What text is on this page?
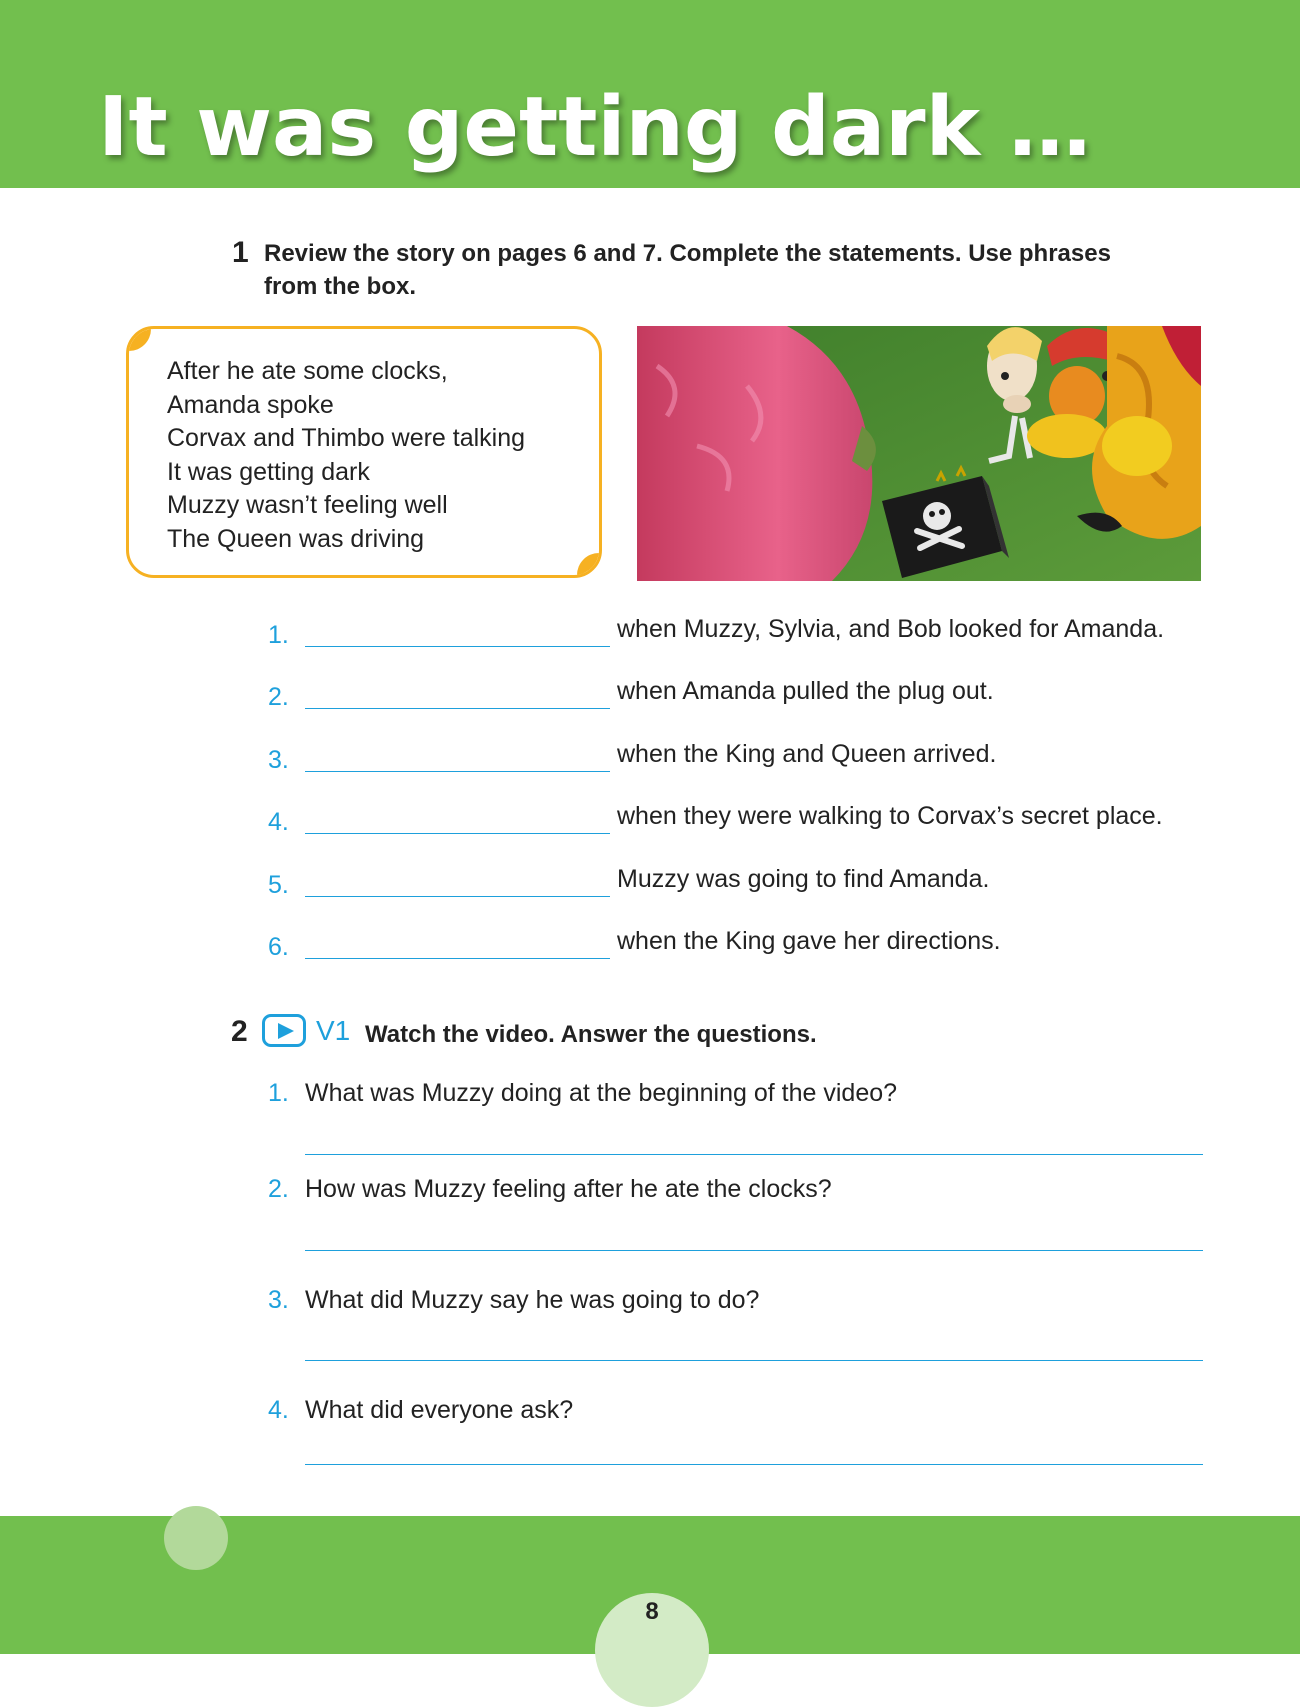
It was getting dark …
1 Review the story on pages 6 and 7. Complete the statements. Use phrases
from the box.
After he ate some clocks,
Amanda spoke
Corvax and Thimbo were talking
It was getting dark
Muzzy wasn’t feeling well
The Queen was driving
1.	when Muzzy, Sylvia, and Bob looked for Amanda.
2.	when Amanda pulled the plug out.
3.	when the King and Queen arrived.
4.	when they were walking to Corvax’s secret place.
5.	Muzzy was going to find Amanda.
6.	when the King gave her directions.
2 V1 Watch the video. Answer the questions.
1. What was Muzzy doing at the beginning of the video?
2. How was Muzzy feeling after he ate the clocks?
3. What did Muzzy say he was going to do?
4. What did everyone ask?
8
